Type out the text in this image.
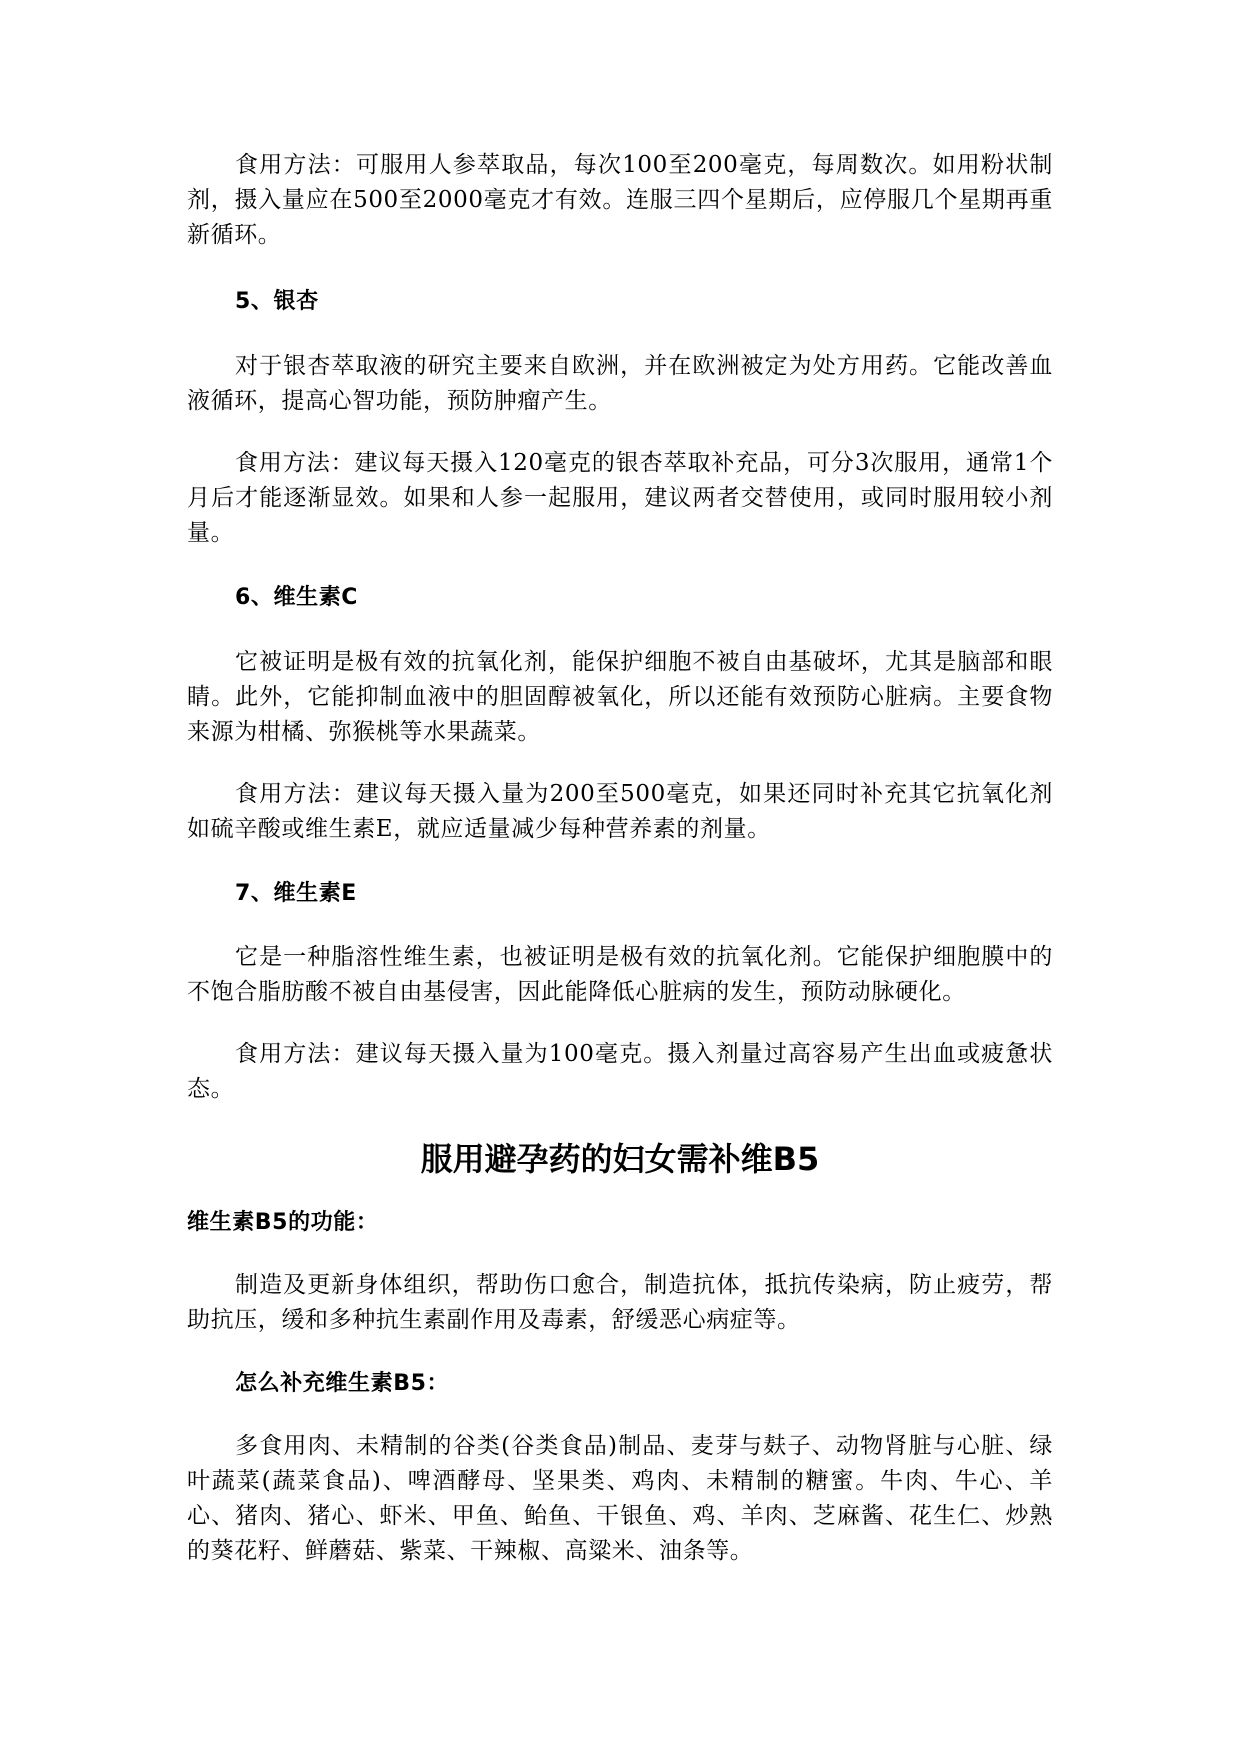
食用方法：可服用人参萃取品，每次100至200毫克，每周数次。如用粉状制剂，摄入量应在500至2000毫克才有效。连服三四个星期后，应停服几个星期再重新循环。

5、银杏

对于银杏萃取液的研究主要来自欧洲，并在欧洲被定为处方用药。它能改善血液循环，提高心智功能，预防肿瘤产生。

食用方法：建议每天摄入120毫克的银杏萃取补充品，可分3次服用，通常1个月后才能逐渐显效。如果和人参一起服用，建议两者交替使用，或同时服用较小剂量。

6、维生素C

它被证明是极有效的抗氧化剂，能保护细胞不被自由基破坏，尤其是脑部和眼睛。此外，它能抑制血液中的胆固醇被氧化，所以还能有效预防心脏病。主要食物来源为柑橘、弥猴桃等水果蔬菜。

食用方法：建议每天摄入量为200至500毫克，如果还同时补充其它抗氧化剂如硫辛酸或维生素E，就应适量减少每种营养素的剂量。

7、维生素E

它是一种脂溶性维生素，也被证明是极有效的抗氧化剂。它能保护细胞膜中的不饱合脂肪酸不被自由基侵害，因此能降低心脏病的发生，预防动脉硬化。

食用方法：建议每天摄入量为100毫克。摄入剂量过高容易产生出血或疲惫状态。

服用避孕药的妇女需补维B5

维生素B5的功能：

制造及更新身体组织，帮助伤口愈合，制造抗体，抵抗传染病，防止疲劳，帮助抗压，缓和多种抗生素副作用及毒素，舒缓恶心病症等。

怎么补充维生素B5：

多食用肉、未精制的谷类(谷类食品)制品、麦芽与麸子、动物肾脏与心脏、绿叶蔬菜(蔬菜食品)、啤酒酵母、坚果类、鸡肉、未精制的糖蜜。牛肉、牛心、羊心、猪肉、猪心、虾米、甲鱼、鲐鱼、干银鱼、鸡、羊肉、芝麻酱、花生仁、炒熟的葵花籽、鲜蘑菇、紫菜、干辣椒、高粱米、油条等。
